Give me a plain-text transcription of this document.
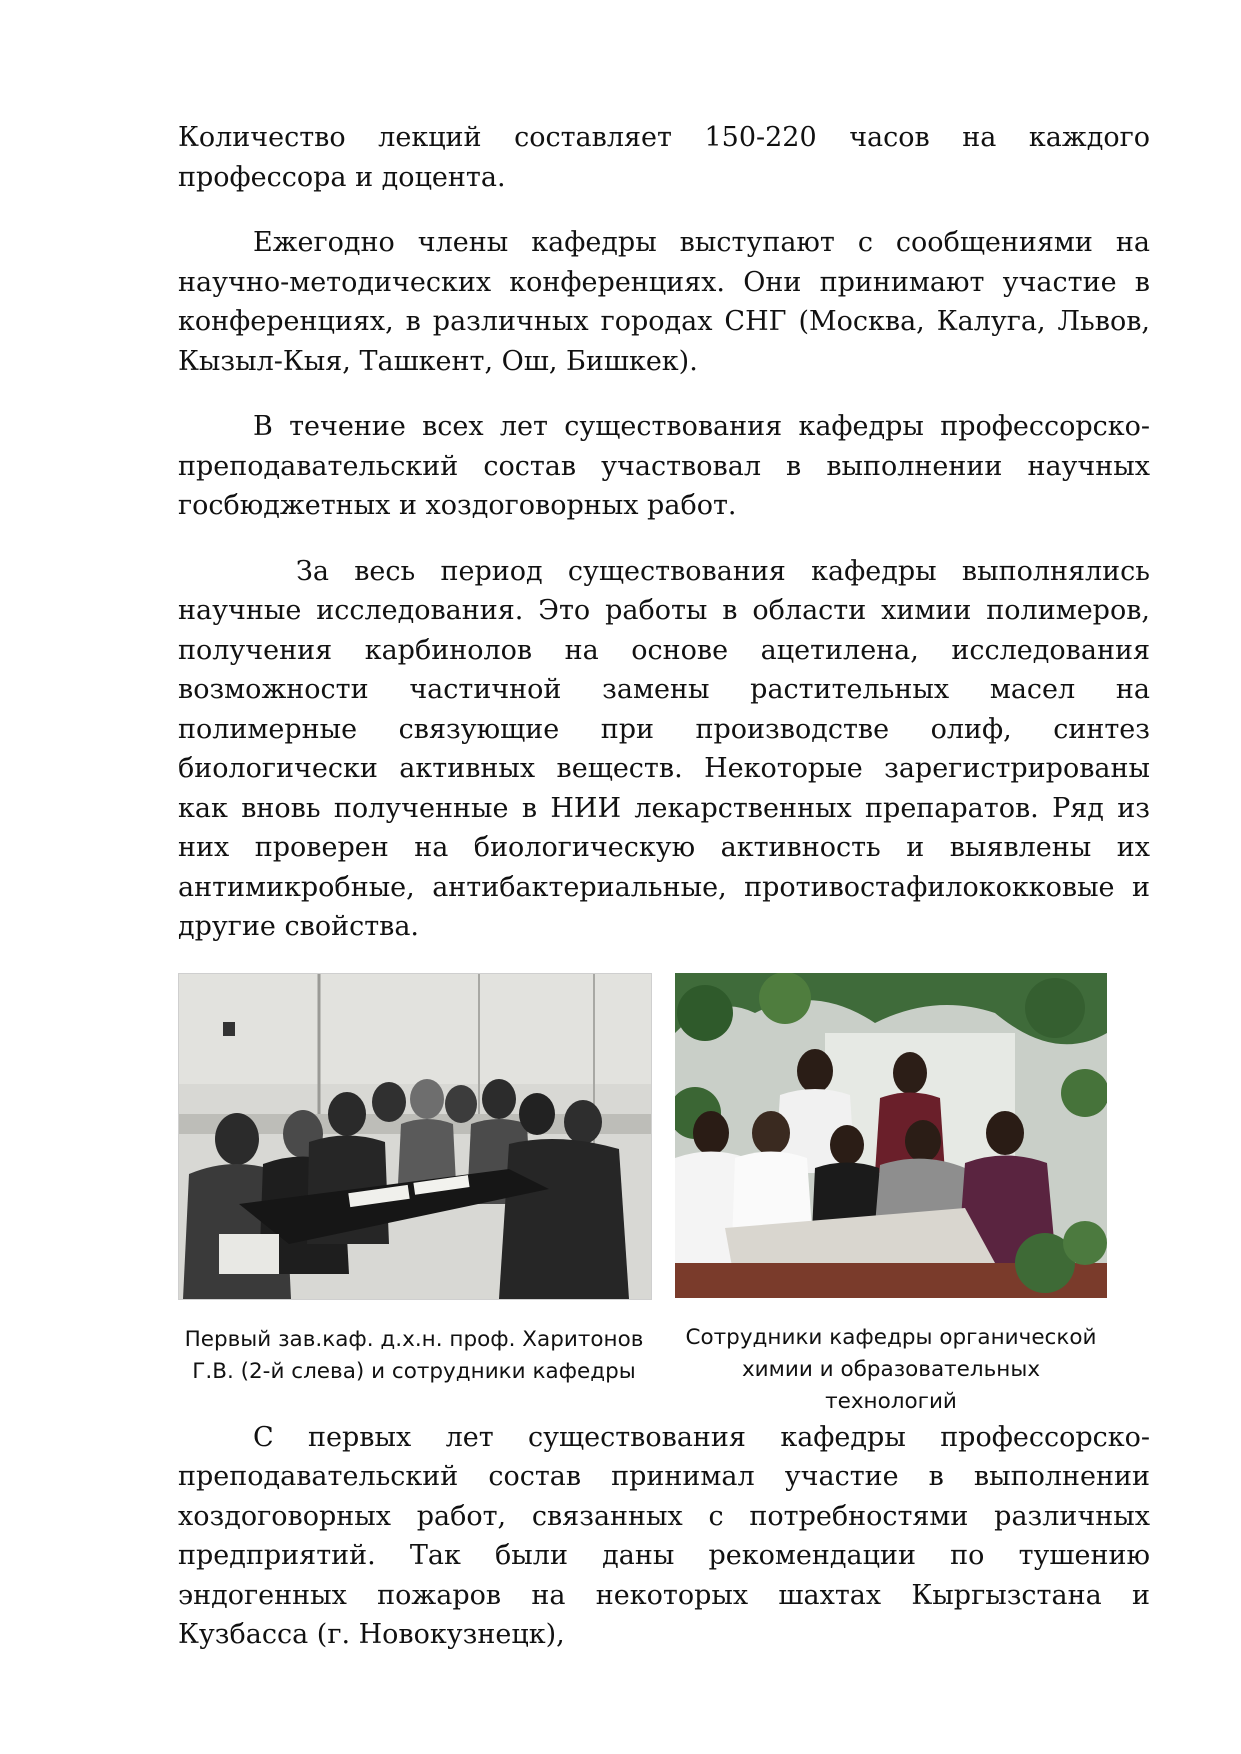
Количество лекций составляет 150-220 часов на каждого профессора и доцента.

Ежегодно члены кафедры выступают с сообщениями на научно-методических конференциях. Они принимают участие в конференциях, в различных городах СНГ (Москва, Калуга, Львов, Кызыл-Кыя, Ташкент, Ош, Бишкек).

В течение всех лет существования кафедры профессорско-преподавательский состав участвовал в выполнении научных госбюджетных и хоздоговорных работ.

За весь период существования кафедры выполнялись научные исследования. Это работы в области химии полимеров, получения карбинолов на основе ацетилена, исследования возможности частичной замены растительных масел на полимерные связующие при производстве олиф, синтез биологически активных веществ. Некоторые зарегистрированы как вновь полученные в НИИ лекарственных препаратов. Ряд из них проверен на биологическую активность и выявлены их антимикробные, антибактериальные, противостафилококковые и другие свойства.

Первый зав.каф. д.х.н. проф. Харитонов Г.В. (2-й слева) и сотрудники кафедры
Сотрудники кафедры органической химии и образовательных технологий

С первых лет существования кафедры профессорско-преподавательский состав принимал участие в выполнении хоздоговорных работ, связанных с потребностями различных предприятий. Так были даны рекомендации по тушению эндогенных пожаров на некоторых шахтах Кыргызстана и Кузбасса (г. Новокузнецк),
